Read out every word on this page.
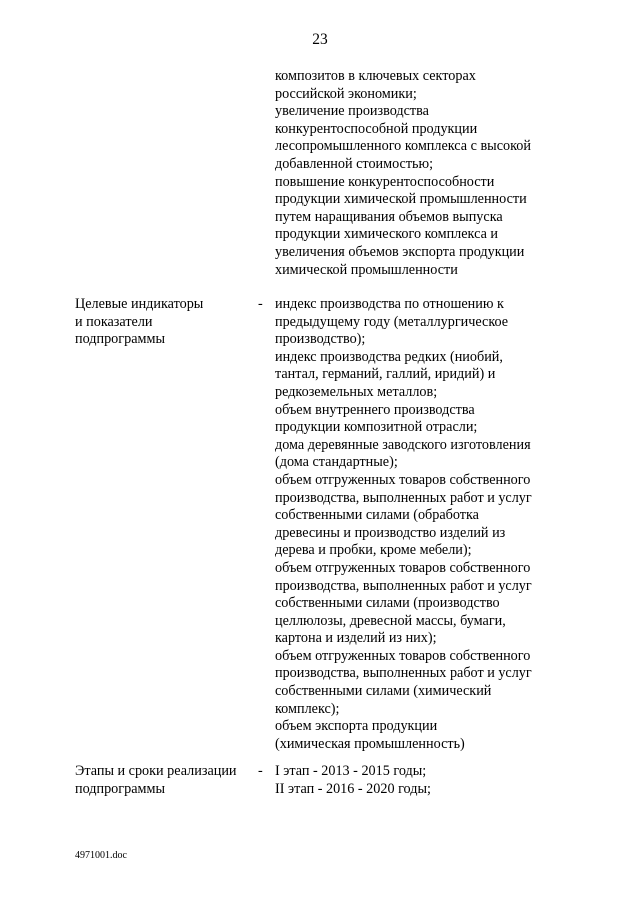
23
композитов в ключевых секторах
российской экономики;
увеличение производства
конкурентоспособной продукции
лесопромышленного комплекса с высокой
добавленной стоимостью;
повышение конкурентоспособности
продукции химической промышленности
путем наращивания объемов выпуска
продукции химического комплекса и
увеличения объемов экспорта продукции
химической промышленности
Целевые индикаторы
и показатели
подпрограммы
- индекс производства по отношению к
предыдущему году (металлургическое
производство);
индекс производства редких (ниобий,
тантал, германий, галлий, иридий) и
редкоземельных металлов;
объем внутреннего производства
продукции композитной отрасли;
дома деревянные заводского изготовления
(дома стандартные);
объем отгруженных товаров собственного
производства, выполненных работ и услуг
собственными силами (обработка
древесины и производство изделий из
дерева и пробки, кроме мебели);
объем отгруженных товаров собственного
производства, выполненных работ и услуг
собственными силами (производство
целлюлозы, древесной массы, бумаги,
картона и изделий из них);
объем отгруженных товаров собственного
производства, выполненных работ и услуг
собственными силами (химический
комплекс);
объем экспорта продукции
(химическая промышленность)
Этапы и сроки реализации
подпрограммы
- I этап - 2013 - 2015 годы;
II этап - 2016 - 2020 годы;
4971001.doc
